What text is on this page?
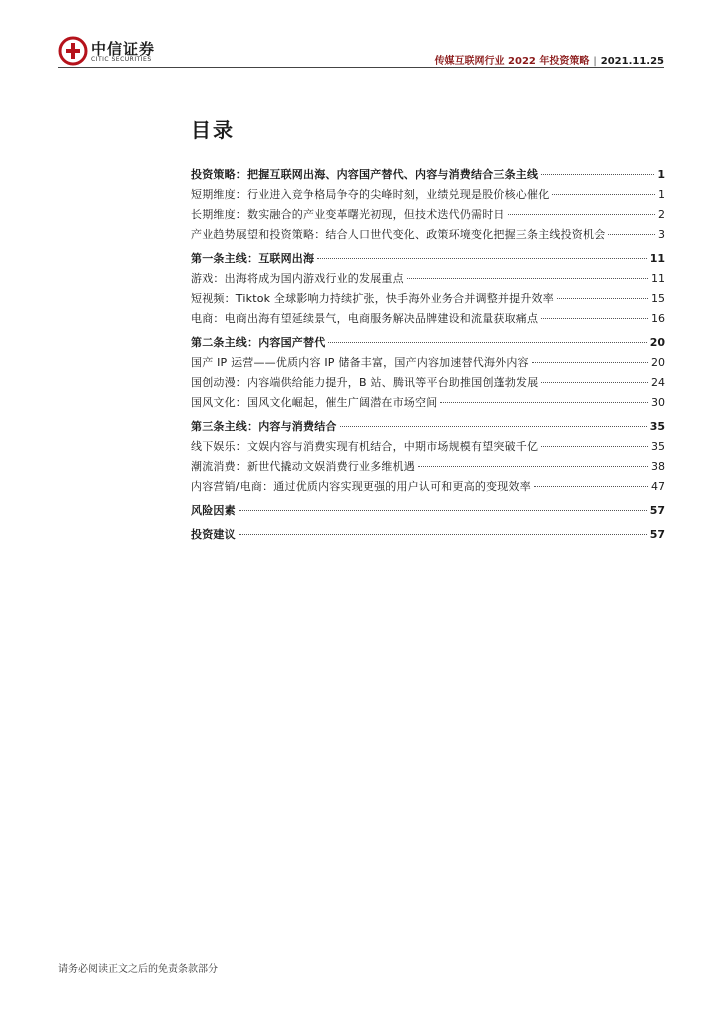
中信证券
CITIC SECURITIES	传媒互联网行业 2022 年投资策略 | 2021.11.25
目录
投资策略：把握互联网出海、内容国产替代、内容与消费结合三条主线	1
短期维度：行业进入竞争格局争夺的尖峰时刻，业绩兑现是股价核心催化	1
长期维度：数实融合的产业变革曙光初现，但技术迭代仍需时日	2
产业趋势展望和投资策略：结合人口世代变化、政策环境变化把握三条主线投资机会	3
第一条主线：互联网出海	11
游戏：出海将成为国内游戏行业的发展重点	11
短视频：Tiktok 全球影响力持续扩张，快手海外业务合并调整并提升效率	15
电商：电商出海有望延续景气，电商服务解决品牌建设和流量获取痛点	16
第二条主线：内容国产替代	20
国产 IP 运营——优质内容 IP 储备丰富，国产内容加速替代海外内容	20
国创动漫：内容端供给能力提升，B 站、腾讯等平台助推国创蓬勃发展	24
国风文化：国风文化崛起，催生广阔潜在市场空间	30
第三条主线：内容与消费结合	35
线下娱乐：文娱内容与消费实现有机结合，中期市场规模有望突破千亿	35
潮流消费：新世代撬动文娱消费行业多维机遇	38
内容营销/电商：通过优质内容实现更强的用户认可和更高的变现效率	47
风险因素	57
投资建议	57
请务必阅读正文之后的免责条款部分
